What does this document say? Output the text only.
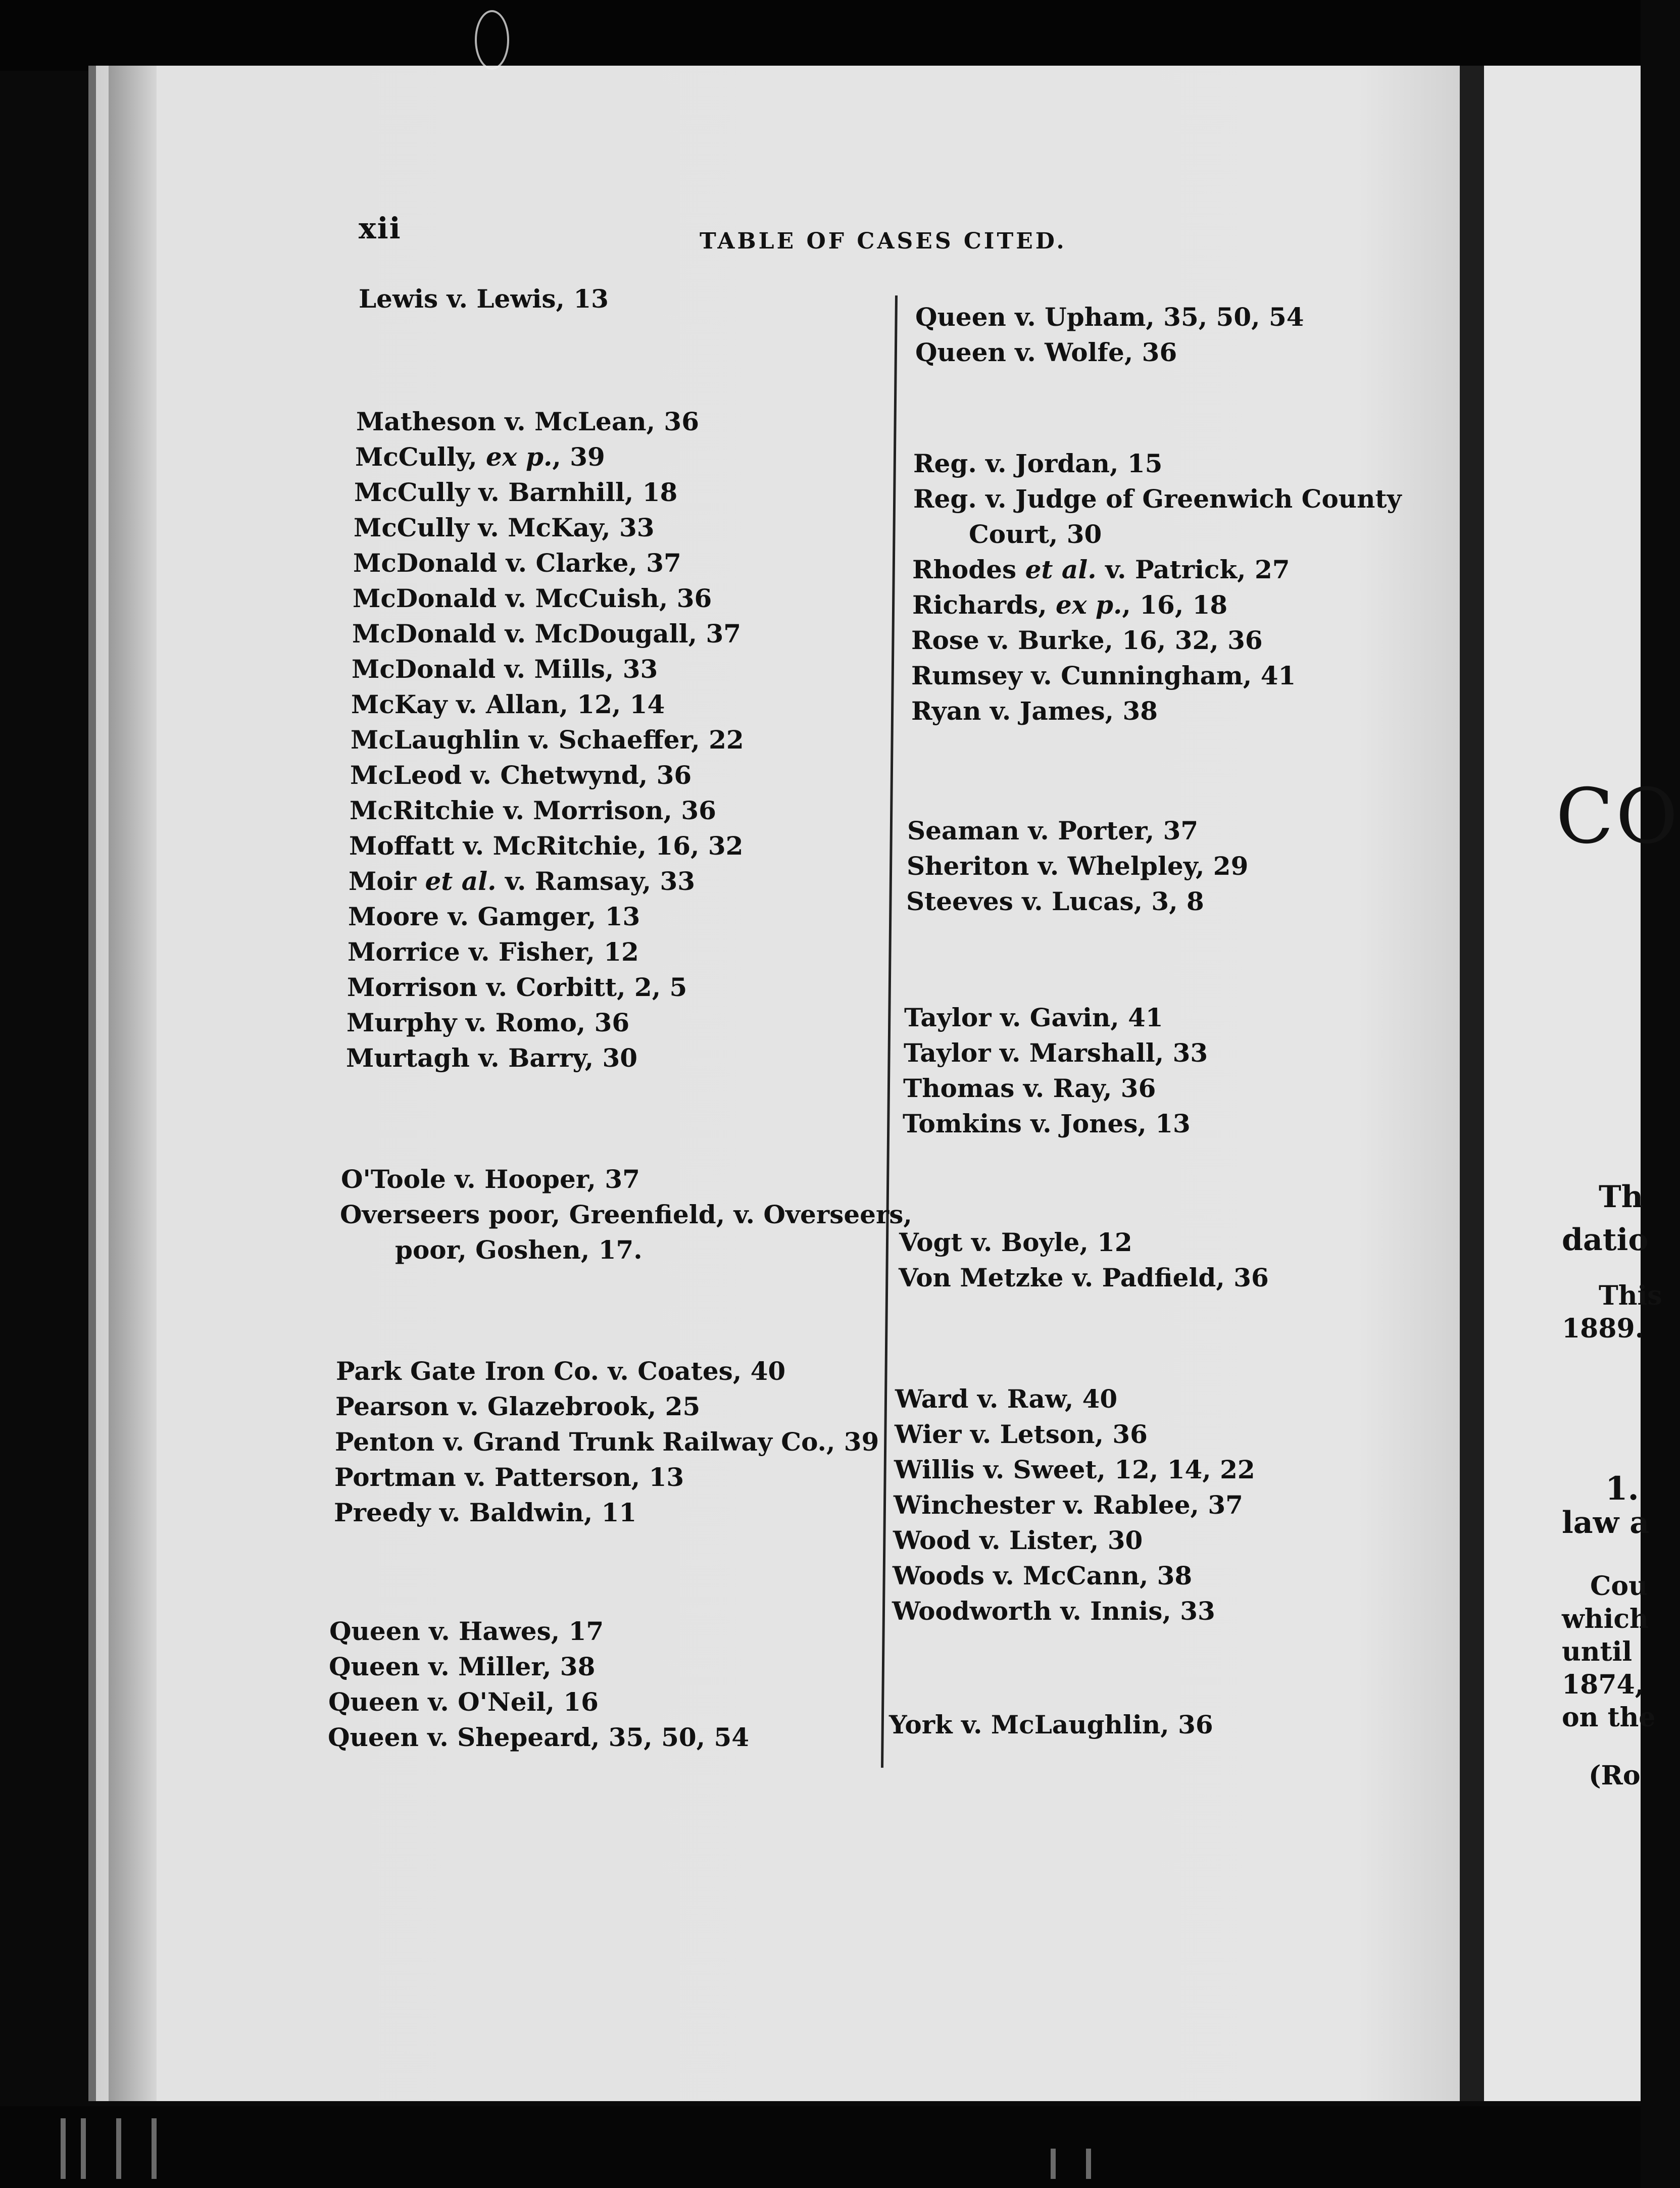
xii	TABLE OF CASES CITED.
Lewis v. Lewis, 13
Matheson v. McLean, 36
McCully, ex p., 39
McCully v. Barnhill, 18
McCully v. McKay, 33
McDonald v. Clarke, 37
McDonald v. McCuish, 36
McDonald v. McDougall, 37
McDonald v. Mills, 33
McKay v. Allan, 12, 14
McLaughlin v. Schaeffer, 22
McLeod v. Chetwynd, 36
McRitchie v. Morrison, 36
Moffatt v. McRitchie, 16, 32
Moir et al. v. Ramsay, 33
Moore v. Gamger, 13
Morrice v. Fisher, 12
Morrison v. Corbitt, 2, 5
Murphy v. Romo, 36
Murtagh v. Barry, 30
O'Toole v. Hooper, 37
Overseers poor, Greenfield, v. Overseers,
poor, Goshen, 17.
Park Gate Iron Co. v. Coates, 40
Pearson v. Glazebrook, 25
Penton v. Grand Trunk Railway Co., 39
Portman v. Patterson, 13
Preedy v. Baldwin, 11
Queen v. Hawes, 17
Queen v. Miller, 38
Queen v. O'Neil, 16
Queen v. Shepeard, 35, 50, 54
Queen v. Upham, 35, 50, 54
Queen v. Wolfe, 36
Reg. v. Jordan, 15
Reg. v. Judge of Greenwich County
Court, 30
Rhodes et al. v. Patrick, 27
Richards, ex p., 16, 18
Rose v. Burke, 16, 32, 36
Rumsey v. Cunningham, 41
Ryan v. James, 38
Seaman v. Porter, 37
Sheriton v. Whelpley, 29
Steeves v. Lucas, 3, 8
Taylor v. Gavin, 41
Taylor v. Marshall, 33
Thomas v. Ray, 36
Tomkins v. Jones, 13
Vogt v. Boyle, 12
Von Metzke v. Padfield, 36
Ward v. Raw, 40
Wier v. Letson, 36
Willis v. Sweet, 12, 14, 22
Winchester v. Rablee, 37
Wood v. Lister, 30
Woods v. McCann, 38
Woodworth v. Innis, 33
York v. McLaughlin, 36
CO
Th
datio
This
1889.
1.
law a
Cou
which
until
1874,
on the
(Ro
